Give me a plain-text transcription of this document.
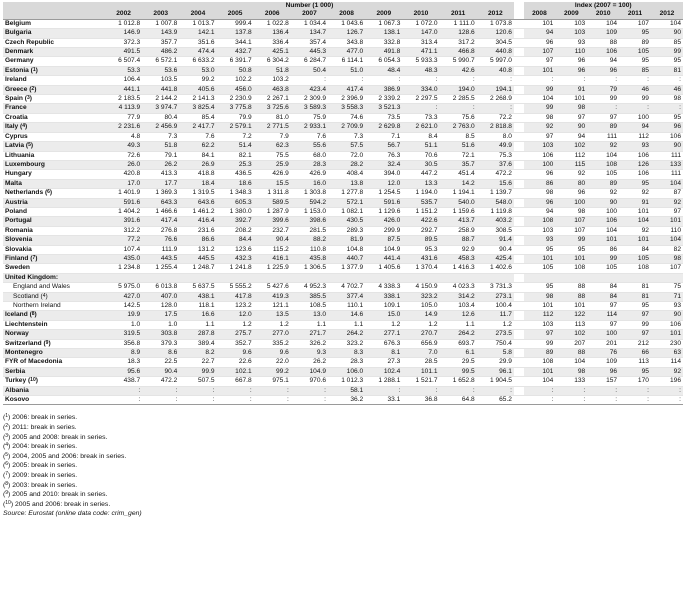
	Number (1 000)												Index (2007 = 100)				
	2002	2003	2004	2005	2006	2007	2008	2009	2010	2011	2012		2008	2009	2010	2011	2012
Belgium	1 012.8	1 007.8	1 013.7	999.4	1 022.8	1 034.4	1 043.6	1 067.3	1 072.0	1 111.0	1 073.8		101	103	104	107	104
Bulgaria	146.9	143.9	142.1	137.8	136.4	134.7	126.7	138.1	147.0	128.6	120.6		94	103	109	95	90
Czech Republic	372.3	357.7	351.6	344.1	336.4	357.4	343.8	332.8	313.4	317.2	304.5		96	93	88	89	85
Denmark	491.5	486.2	474.4	432.7	425.1	445.3	477.0	491.8	471.1	466.8	440.8		107	110	106	105	99
Germany	6 507.4	6 572.1	6 633.2	6 391.7	6 304.2	6 284.7	6 114.1	6 054.3	5 933.3	5 990.7	5 997.0		97	96	94	95	95
Estonia ($^1$)	53.3	53.6	53.0	50.8	51.8	50.4	51.0	48.4	48.3	42.6	40.8		101	96	96	85	81
Ireland	106.4	103.5	99.2	102.2	103.2	:	:	:	:	:	:		:	:	:	:	:
Greece ($^2$)	441.1	441.8	405.6	456.0	463.8	423.4	417.4	386.9	334.0	194.0	194.1		99	91	79	46	46
Spain ($^3$)	2 183.5	2 144.2	2 141.3	2 230.9	2 267.1	2 309.9	2 396.9	2 339.2	2 297.5	2 285.5	2 268.9		104	101	99	99	98
France	4 113.9	3 974.7	3 825.4	3 775.8	3 725.6	3 589.3	3 558.3	3 521.3	:	:	:		99	98	:	:	:
Croatia	77.9	80.4	85.4	79.9	81.0	75.9	74.6	73.5	73.3	75.6	72.2		98	97	97	100	95
Italy ($^4$)	2 231.6	2 456.9	2 417.7	2 579.1	2 771.5	2 933.1	2 709.9	2 629.8	2 621.0	2 763.0	2 818.8		92	90	89	94	96
Cyprus	4.8	7.3	7.6	7.2	7.9	7.6	7.3	7.1	8.4	8.5	8.0		97	94	111	112	106
Latvia ($^5$)	49.3	51.8	62.2	51.4	62.3	55.6	57.5	56.7	51.1	51.6	49.9		103	102	92	93	90
Lithuania	72.6	79.1	84.1	82.1	75.5	68.0	72.0	76.3	70.6	72.1	75.3		106	112	104	106	111
Luxembourg	26.0	26.2	26.9	25.3	25.9	28.3	28.2	32.4	30.5	35.7	37.6		100	115	108	126	133
Hungary	420.8	413.3	418.8	436.5	426.9	426.9	408.4	394.0	447.2	451.4	472.2		96	92	105	106	111
Malta	17.0	17.7	18.4	18.6	15.5	16.0	13.8	12.0	13.3	14.2	15.6		86	80	89	95	104
Netherlands ($^6$)	1 401.9	1 369.3	1 319.5	1 348.3	1 311.8	1 303.8	1 277.8	1 254.5	1 194.0	1 194.1	1 139.7		98	96	92	92	87
Austria	591.6	643.3	643.6	605.3	589.5	594.2	572.1	591.6	535.7	540.0	548.0		96	100	90	91	92
Poland	1 404.2	1 466.6	1 461.2	1 380.0	1 287.9	1 153.0	1 082.1	1 129.6	1 151.2	1 159.6	1 119.8		94	98	100	101	97
Portugal	391.6	417.4	416.4	392.7	399.6	398.6	430.5	426.0	422.6	413.7	403.2		108	107	106	104	101
Romania	312.2	276.8	231.6	208.2	232.7	281.5	289.3	299.9	292.7	258.9	308.5		103	107	104	92	110
Slovenia	77.2	76.6	86.6	84.4	90.4	88.2	81.9	87.5	89.5	88.7	91.4		93	99	101	101	104
Slovakia	107.4	111.9	131.2	123.6	115.2	110.8	104.8	104.9	95.3	92.9	90.4		95	95	86	84	82
Finland ($^7$)	435.0	443.5	445.5	432.3	416.1	435.8	440.7	441.4	431.6	458.3	425.4		101	101	99	105	98
Sweden	1 234.8	1 255.4	1 248.7	1 241.8	1 225.9	1 306.5	1 377.9	1 405.6	1 370.4	1 416.3	1 402.6		105	108	105	108	107
United Kingdom:																	
England and Wales	5 975.0	6 013.8	5 637.5	5 555.2	5 427.6	4 952.3	4 702.7	4 338.3	4 150.9	4 023.3	3 731.3		95	88	84	81	75
Scotland ($^4$)	427.0	407.0	438.1	417.8	419.3	385.5	377.4	338.1	323.2	314.2	273.1		98	88	84	81	71
Northern Ireland	142.5	128.0	118.1	123.2	121.1	108.5	110.1	109.1	105.0	103.4	100.4		101	101	97	95	93
Iceland ($^8$)	19.9	17.5	16.6	12.0	13.5	13.0	14.6	15.0	14.9	12.6	11.7		112	122	114	97	90
Liechtenstein	1.0	1.0	1.1	1.2	1.2	1.1	1.1	1.2	1.2	1.1	1.2		103	113	97	99	106
Norway	319.5	303.8	287.8	275.7	277.0	271.7	264.2	277.1	270.7	264.2	273.5		97	102	100	97	101
Switzerland ($^9$)	356.8	379.3	389.4	352.7	335.2	326.2	323.2	676.3	656.9	693.7	750.4		99	207	201	212	230
Montenegro	8.9	8.6	8.2	9.6	9.6	9.3	8.3	8.1	7.0	6.1	5.8		89	88	76	66	63
FYR of Macedonia	18.3	22.5	22.7	22.6	22.0	26.2	28.3	27.3	28.5	29.5	29.9		108	104	109	113	114
Serbia	95.6	90.4	99.9	102.1	99.2	104.9	106.0	102.4	101.1	99.5	96.1		101	98	96	95	92
Turkey ($^{10}$)	438.7	472.2	507.5	667.8	975.1	970.6	1 012.3	1 288.1	1 521.7	1 652.8	1 904.5		104	133	157	170	196
Albania	:	:	:	:	:	:	58.1	:	:	:	:		:	:	:	:	:
Kosovo	:	:	:	:	:	:	36.2	33.1	36.8	64.8	65.2		:	:	:	:	:
($^1$) 2006: break in series.
($^2$) 2011: break in series.
($^3$) 2005 and 2008: break in series.
($^4$) 2004: break in series.
($^5$) 2004, 2005 and 2006: break in series.
($^6$) 2005: break in series.
($^7$) 2009: break in series.
($^8$) 2003: break in series.
($^9$) 2005 and 2010: break in series.
($^{10}$) 2005 and 2006: break in series.
Source: Eurostat (online data code: crim_gen)
